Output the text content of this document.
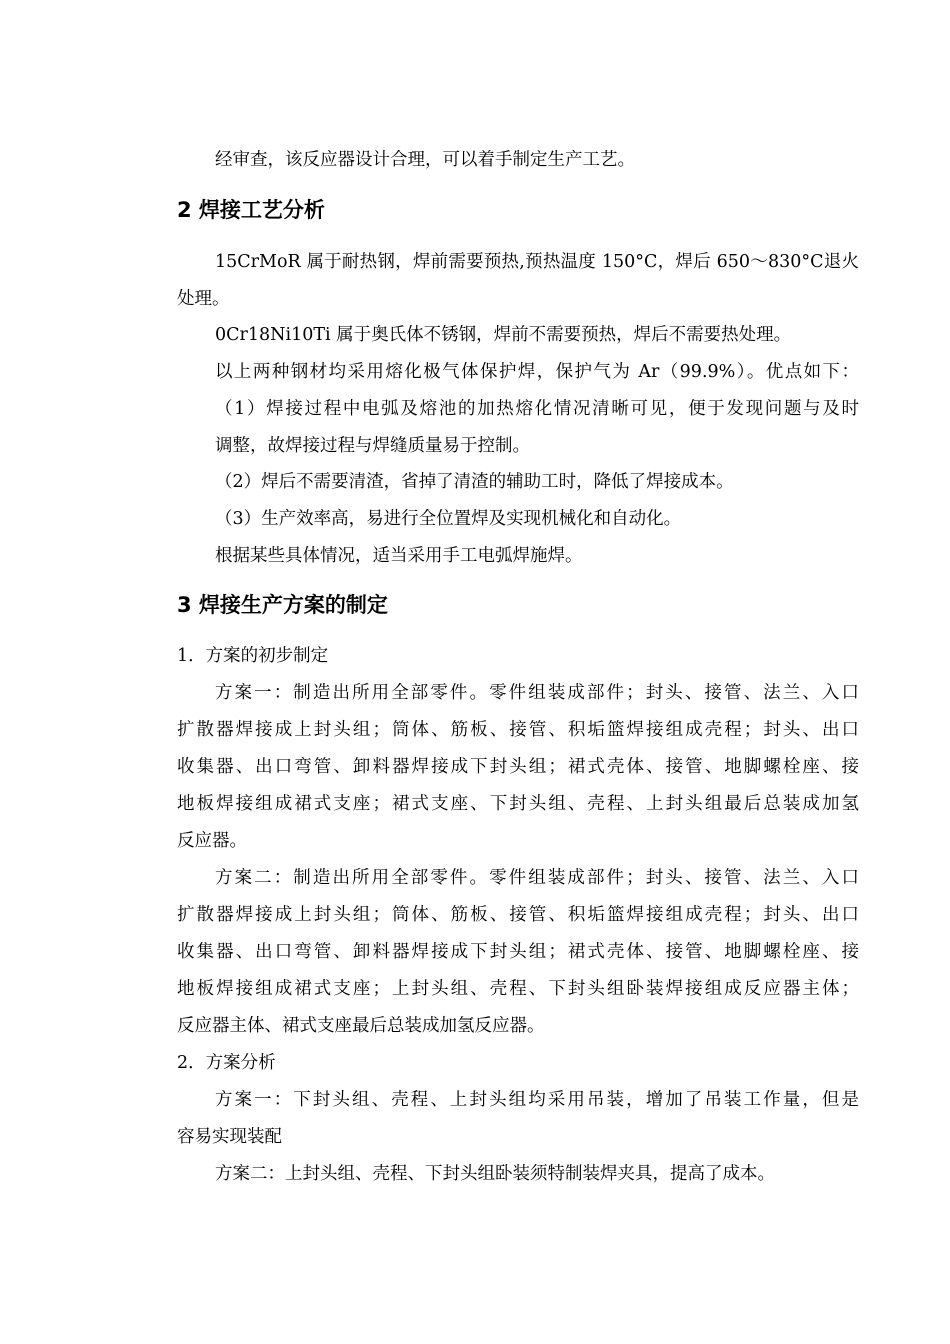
经审查，该反应器设计合理，可以着手制定生产工艺。

2 焊接工艺分析

15CrMoR 属于耐热钢，焊前需要预热,预热温度 150°C，焊后 650～830°C退火

处理。

0Cr18Ni10Ti 属于奥氏体不锈钢，焊前不需要预热，焊后不需要热处理。

以上两种钢材均采用熔化极气体保护焊，保护气为 Ar（99.9%）。优点如下：

（1）焊接过程中电弧及熔池的加热熔化情况清晰可见，便于发现问题与及时

调整，故焊接过程与焊缝质量易于控制。

（2）焊后不需要清渣，省掉了清渣的辅助工时，降低了焊接成本。

（3）生产效率高，易进行全位置焊及实现机械化和自动化。

根据某些具体情况，适当采用手工电弧焊施焊。

3 焊接生产方案的制定

1．方案的初步制定

方案一：制造出所用全部零件。零件组装成部件；封头、接管、法兰、入口

扩散器焊接成上封头组；筒体、筋板、接管、积垢篮焊接组成壳程；封头、出口

收集器、出口弯管、卸料器焊接成下封头组；裙式壳体、接管、地脚螺栓座、接

地板焊接组成裙式支座；裙式支座、下封头组、壳程、上封头组最后总装成加氢

反应器。

方案二：制造出所用全部零件。零件组装成部件；封头、接管、法兰、入口

扩散器焊接成上封头组；筒体、筋板、接管、积垢篮焊接组成壳程；封头、出口

收集器、出口弯管、卸料器焊接成下封头组；裙式壳体、接管、地脚螺栓座、接

地板焊接组成裙式支座；上封头组、壳程、下封头组卧装焊接组成反应器主体；

反应器主体、裙式支座最后总装成加氢反应器。

2．方案分析

方案一：下封头组、壳程、上封头组均采用吊装，增加了吊装工作量，但是

容易实现装配

方案二：上封头组、壳程、下封头组卧装须特制装焊夹具，提高了成本。
